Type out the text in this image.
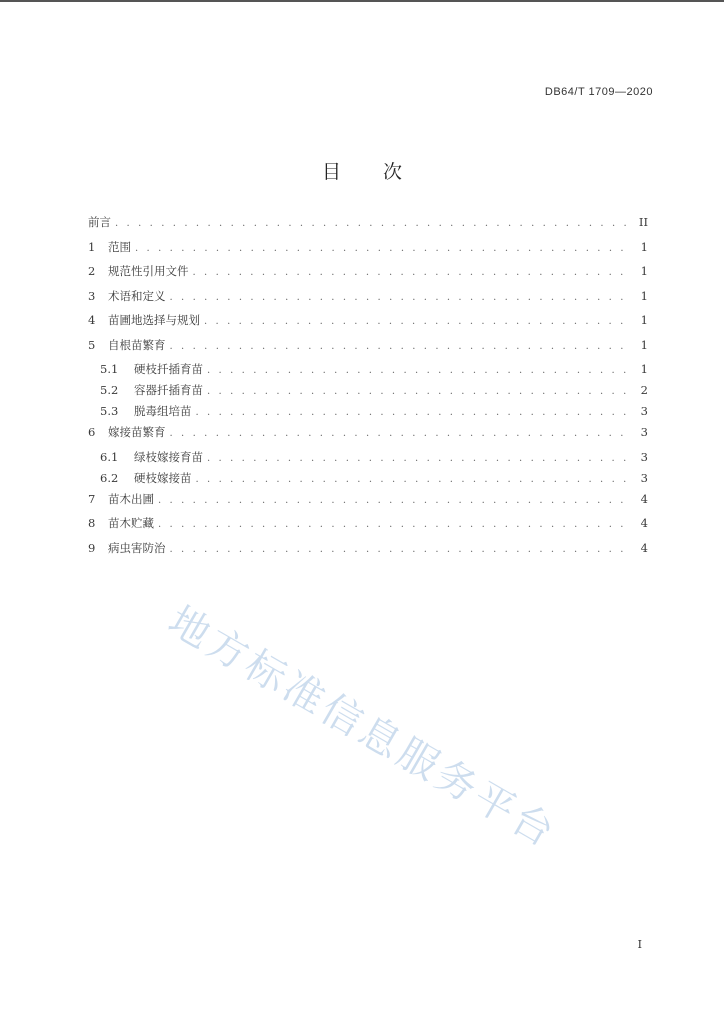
DB64/T 1709—2020
目 次
前言 . . .	II
1	范围 . . .	1
2	规范性引用文件 . . .	1
3	术语和定义 . . .	1
4	苗圃地选择与规划 . . .	1
5	自根苗繁育 . . .	1
5.1	硬枝扦插育苗 . . .	1
5.2	容器扦插育苗 . . .	2
5.3	脱毒组培苗 . . .	3
6	嫁接苗繁育 . . .	3
6.1	绿枝嫁接育苗 . . .	3
6.2	硬枝嫁接苗 . . .	3
7	苗木出圃 . . .	4
8	苗木贮藏 . . .	4
9	病虫害防治 . . .	4
地方标准信息服务平台
I
